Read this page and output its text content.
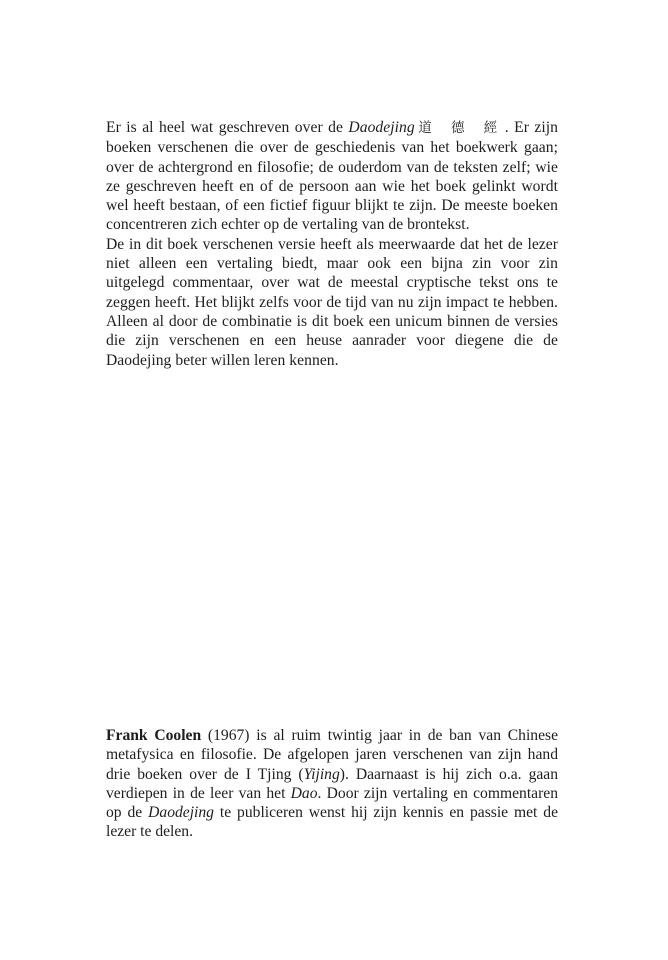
Er is al heel wat geschreven over de Daodejing 道 德 經. Er zijn boeken verschenen die over de geschiedenis van het boekwerk gaan; over de achtergrond en filosofie; de ouderdom van de teksten zelf; wie ze geschreven heeft en of de persoon aan wie het boek gelinkt wordt wel heeft bestaan, of een fictief figuur blijkt te zijn. De meeste boeken concentreren zich echter op de vertaling van de brontekst.

De in dit boek verschenen versie heeft als meerwaarde dat het de lezer niet alleen een vertaling biedt, maar ook een bijna zin voor zin uitgelegd commentaar, over wat de meestal cryptische tekst ons te zeggen heeft. Het blijkt zelfs voor de tijd van nu zijn impact te hebben. Alleen al door de combinatie is dit boek een unicum binnen de versies die zijn verschenen en een heuse aanrader voor diegene die de Daodejing beter willen leren kennen.

Frank Coolen (1967) is al ruim twintig jaar in de ban van Chinese metafysica en filosofie. De afgelopen jaren verschenen van zijn hand drie boeken over de I Tjing (Yijing). Daarnaast is hij zich o.a. gaan verdiepen in de leer van het Dao. Door zijn vertaling en commentaren op de Daodejing te publiceren wenst hij zijn kennis en passie met de lezer te delen.
